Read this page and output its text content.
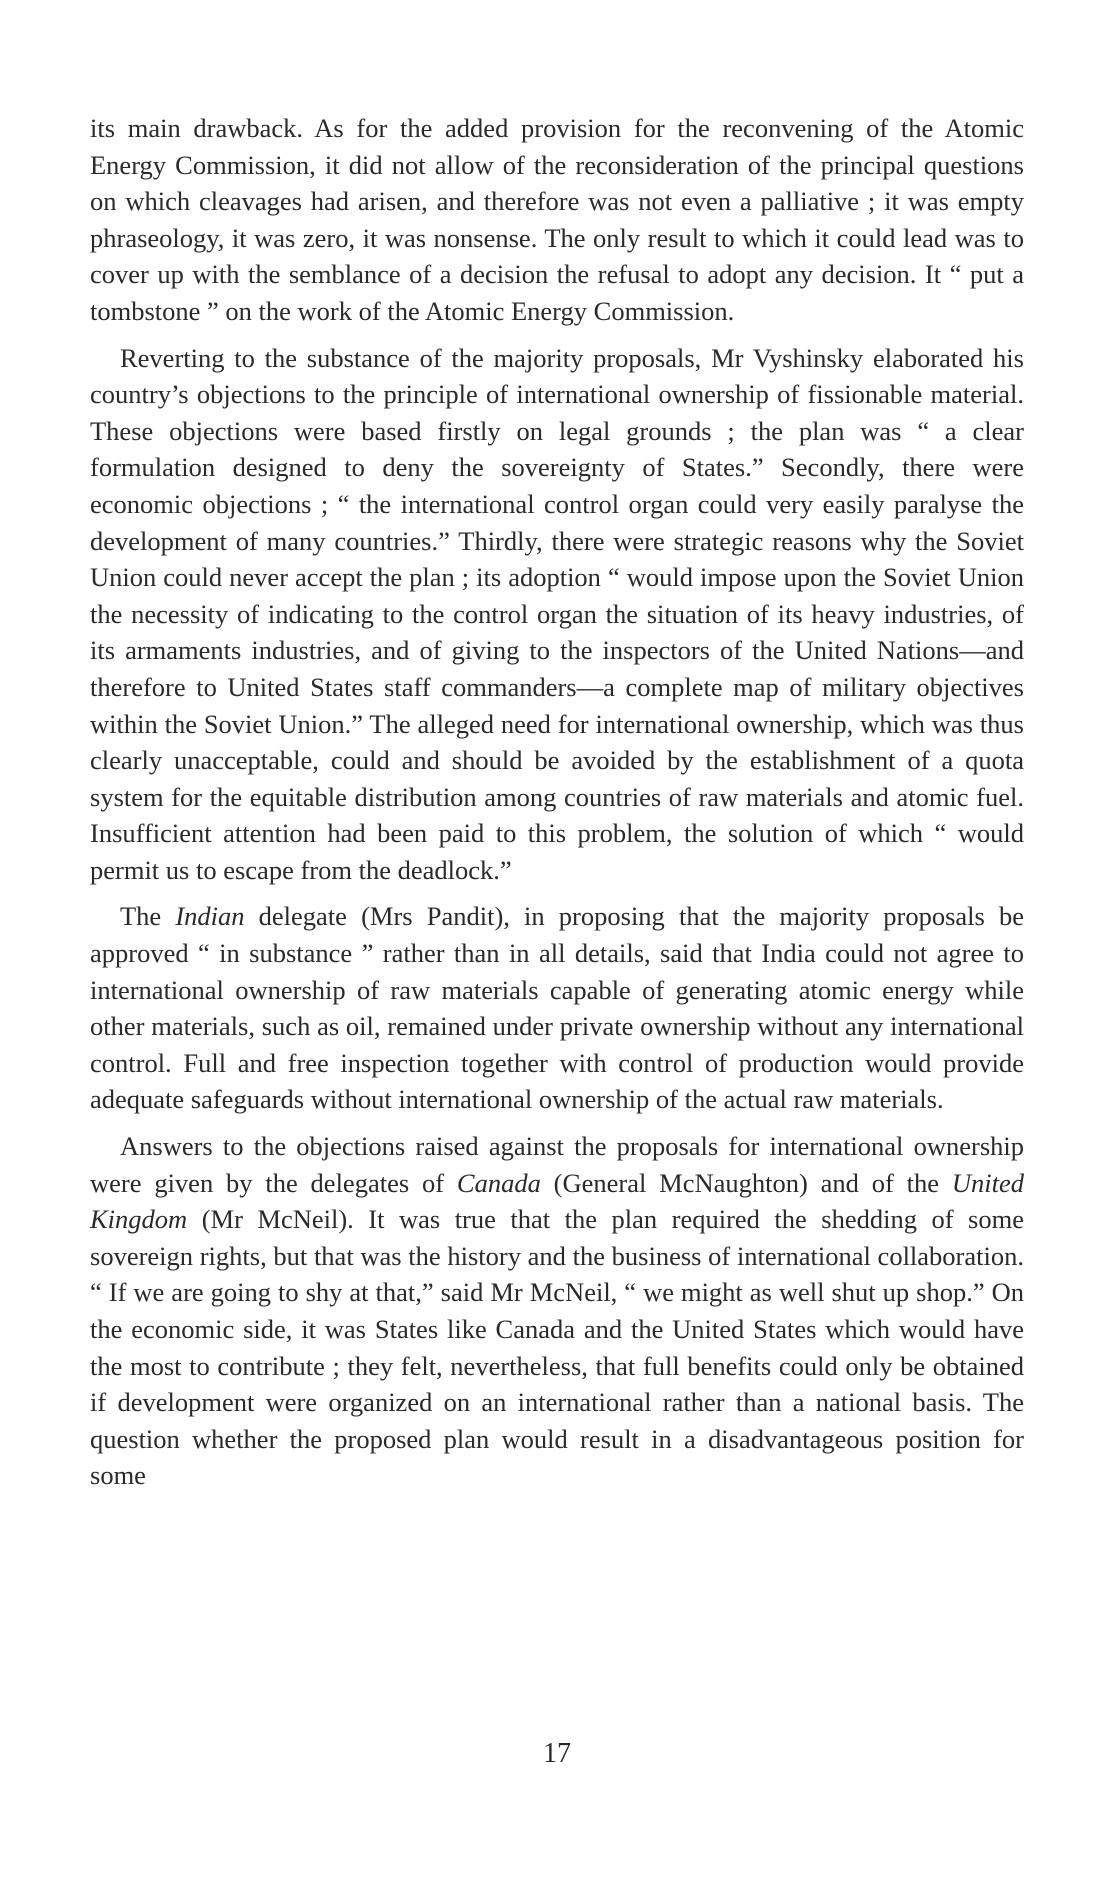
its main drawback. As for the added provision for the reconvening of the Atomic Energy Commission, it did not allow of the reconsideration of the principal questions on which cleavages had arisen, and therefore was not even a palliative ; it was empty phraseology, it was zero, it was nonsense. The only result to which it could lead was to cover up with the semblance of a decision the refusal to adopt any decision. It “ put a tombstone ” on the work of the Atomic Energy Commission.

Reverting to the substance of the majority proposals, Mr Vyshinsky elaborated his country’s objections to the principle of international ownership of fissionable material. These objections were based firstly on legal grounds ; the plan was “ a clear formulation designed to deny the sovereignty of States.” Secondly, there were economic objections ; “ the international control organ could very easily paralyse the development of many countries.” Thirdly, there were strategic reasons why the Soviet Union could never accept the plan ; its adoption “ would impose upon the Soviet Union the necessity of indicating to the control organ the situation of its heavy industries, of its armaments industries, and of giving to the inspectors of the United Nations—and therefore to United States staff commanders—a complete map of military objectives within the Soviet Union.” The alleged need for international ownership, which was thus clearly unacceptable, could and should be avoided by the establishment of a quota system for the equitable distribution among countries of raw materials and atomic fuel. Insufficient attention had been paid to this problem, the solution of which “ would permit us to escape from the deadlock.”

The Indian delegate (Mrs Pandit), in proposing that the majority proposals be approved “ in substance ” rather than in all details, said that India could not agree to international ownership of raw materials capable of generating atomic energy while other materials, such as oil, remained under private ownership without any international control. Full and free inspection together with control of production would provide adequate safeguards without international ownership of the actual raw materials.

Answers to the objections raised against the proposals for international ownership were given by the delegates of Canada (General McNaughton) and of the United Kingdom (Mr McNeil). It was true that the plan required the shedding of some sovereign rights, but that was the history and the business of international collaboration. “ If we are going to shy at that,” said Mr McNeil, “ we might as well shut up shop.” On the economic side, it was States like Canada and the United States which would have the most to contribute ; they felt, nevertheless, that full benefits could only be obtained if development were organized on an international rather than a national basis. The question whether the proposed plan would result in a disadvantageous position for some

17
